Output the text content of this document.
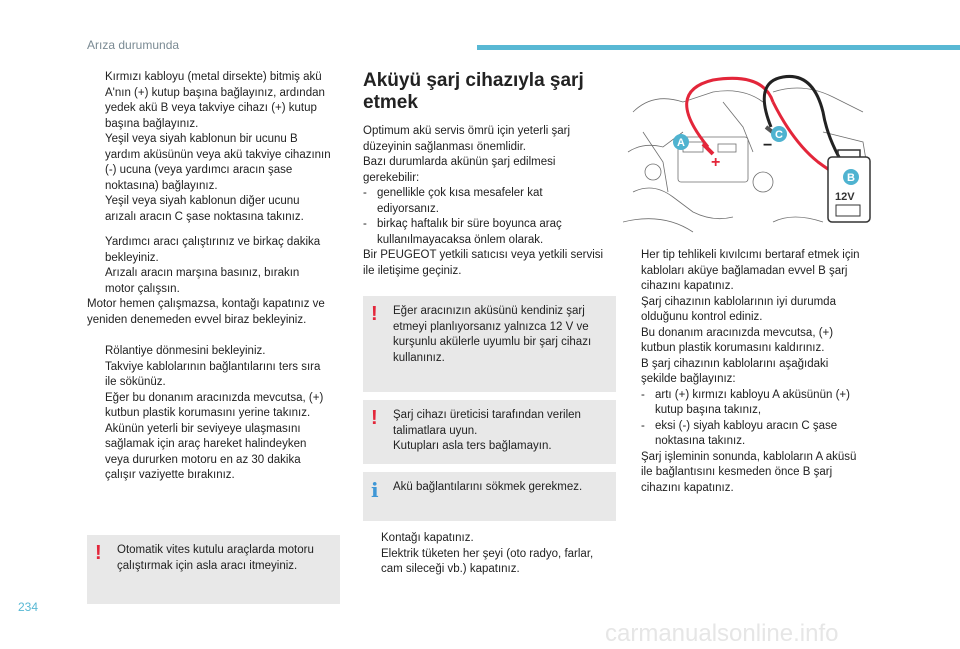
Arıza durumunda
Kırmızı kabloyu (metal dirsekte) bitmiş akü
A'nın (+) kutup başına bağlayınız, ardından
yedek akü B veya takviye cihazı (+) kutup
başına bağlayınız.
Yeşil veya siyah kablonun bir ucunu B
yardım aküsünün veya akü takviye cihazının
(-) ucuna (veya yardımcı aracın şase
noktasına) bağlayınız.
Yeşil veya siyah kablonun diğer ucunu
arızalı aracın C şase noktasına takınız.
Yardımcı aracı çalıştırınız ve birkaç dakika
bekleyiniz.
Arızalı aracın marşına basınız, bırakın
motor çalışsın.
Motor hemen çalışmazsa, kontağı kapatınız ve
yeniden denemeden evvel biraz bekleyiniz.
Rölantiye dönmesini bekleyiniz.
Takviye kablolarının bağlantılarını ters sıra
ile sökünüz.
Eğer bu donanım aracınızda mevcutsa, (+)
kutbun plastik korumasını yerine takınız.
Akünün yeterli bir seviyeye ulaşmasını
sağlamak için araç hareket halindeyken
veya dururken motoru en az 30 dakika
çalışır vaziyette bırakınız.
! Otomatik vites kutulu araçlarda motoru
çalıştırmak için asla aracı itmeyiniz.
Aküyü şarj cihazıyla şarj
etmek
Optimum akü servis ömrü için yeterli şarj
düzeyinin sağlanması önemlidir.
Bazı durumlarda akünün şarj edilmesi
gerekebilir:
- genellikle çok kısa mesafeler kat
ediyorsanız.
- birkaç haftalık bir süre boyunca araç
kullanılmayacaksa önlem olarak.
Bir PEUGEOT yetkili satıcısı veya yetkili servisi
ile iletişime geçiniz.
! Eğer aracınızın aküsünü kendiniz şarj
etmeyi planlıyorsanız yalnızca 12 V ve
kurşunlu akülerle uyumlu bir şarj cihazı
kullanınız.
! Şarj cihazı üreticisi tarafından verilen
talimatlara uyun.
Kutupları asla ters bağlamayın.
i Akü bağlantılarını sökmek gerekmez.
Kontağı kapatınız.
Elektrik tüketen her şeyi (oto radyo, farlar,
cam sileceği vb.) kapatınız.
+
−
12V
A
C
B
Her tip tehlikeli kıvılcımı bertaraf etmek için
kabloları aküye bağlamadan evvel B şarj
cihazını kapatınız.
Şarj cihazının kablolarının iyi durumda
olduğunu kontrol ediniz.
Bu donanım aracınızda mevcutsa, (+)
kutbun plastik korumasını kaldırınız.
B şarj cihazının kablolarını aşağıdaki
şekilde bağlayınız:
- artı (+) kırmızı kabloyu A aküsünün (+)
kutup başına takınız,
- eksi (-) siyah kabloyu aracın C şase
noktasına takınız.
Şarj işleminin sonunda, kabloların A aküsü
ile bağlantısını kesmeden önce B şarj
cihazını kapatınız.
234
carmanualsonline.info
